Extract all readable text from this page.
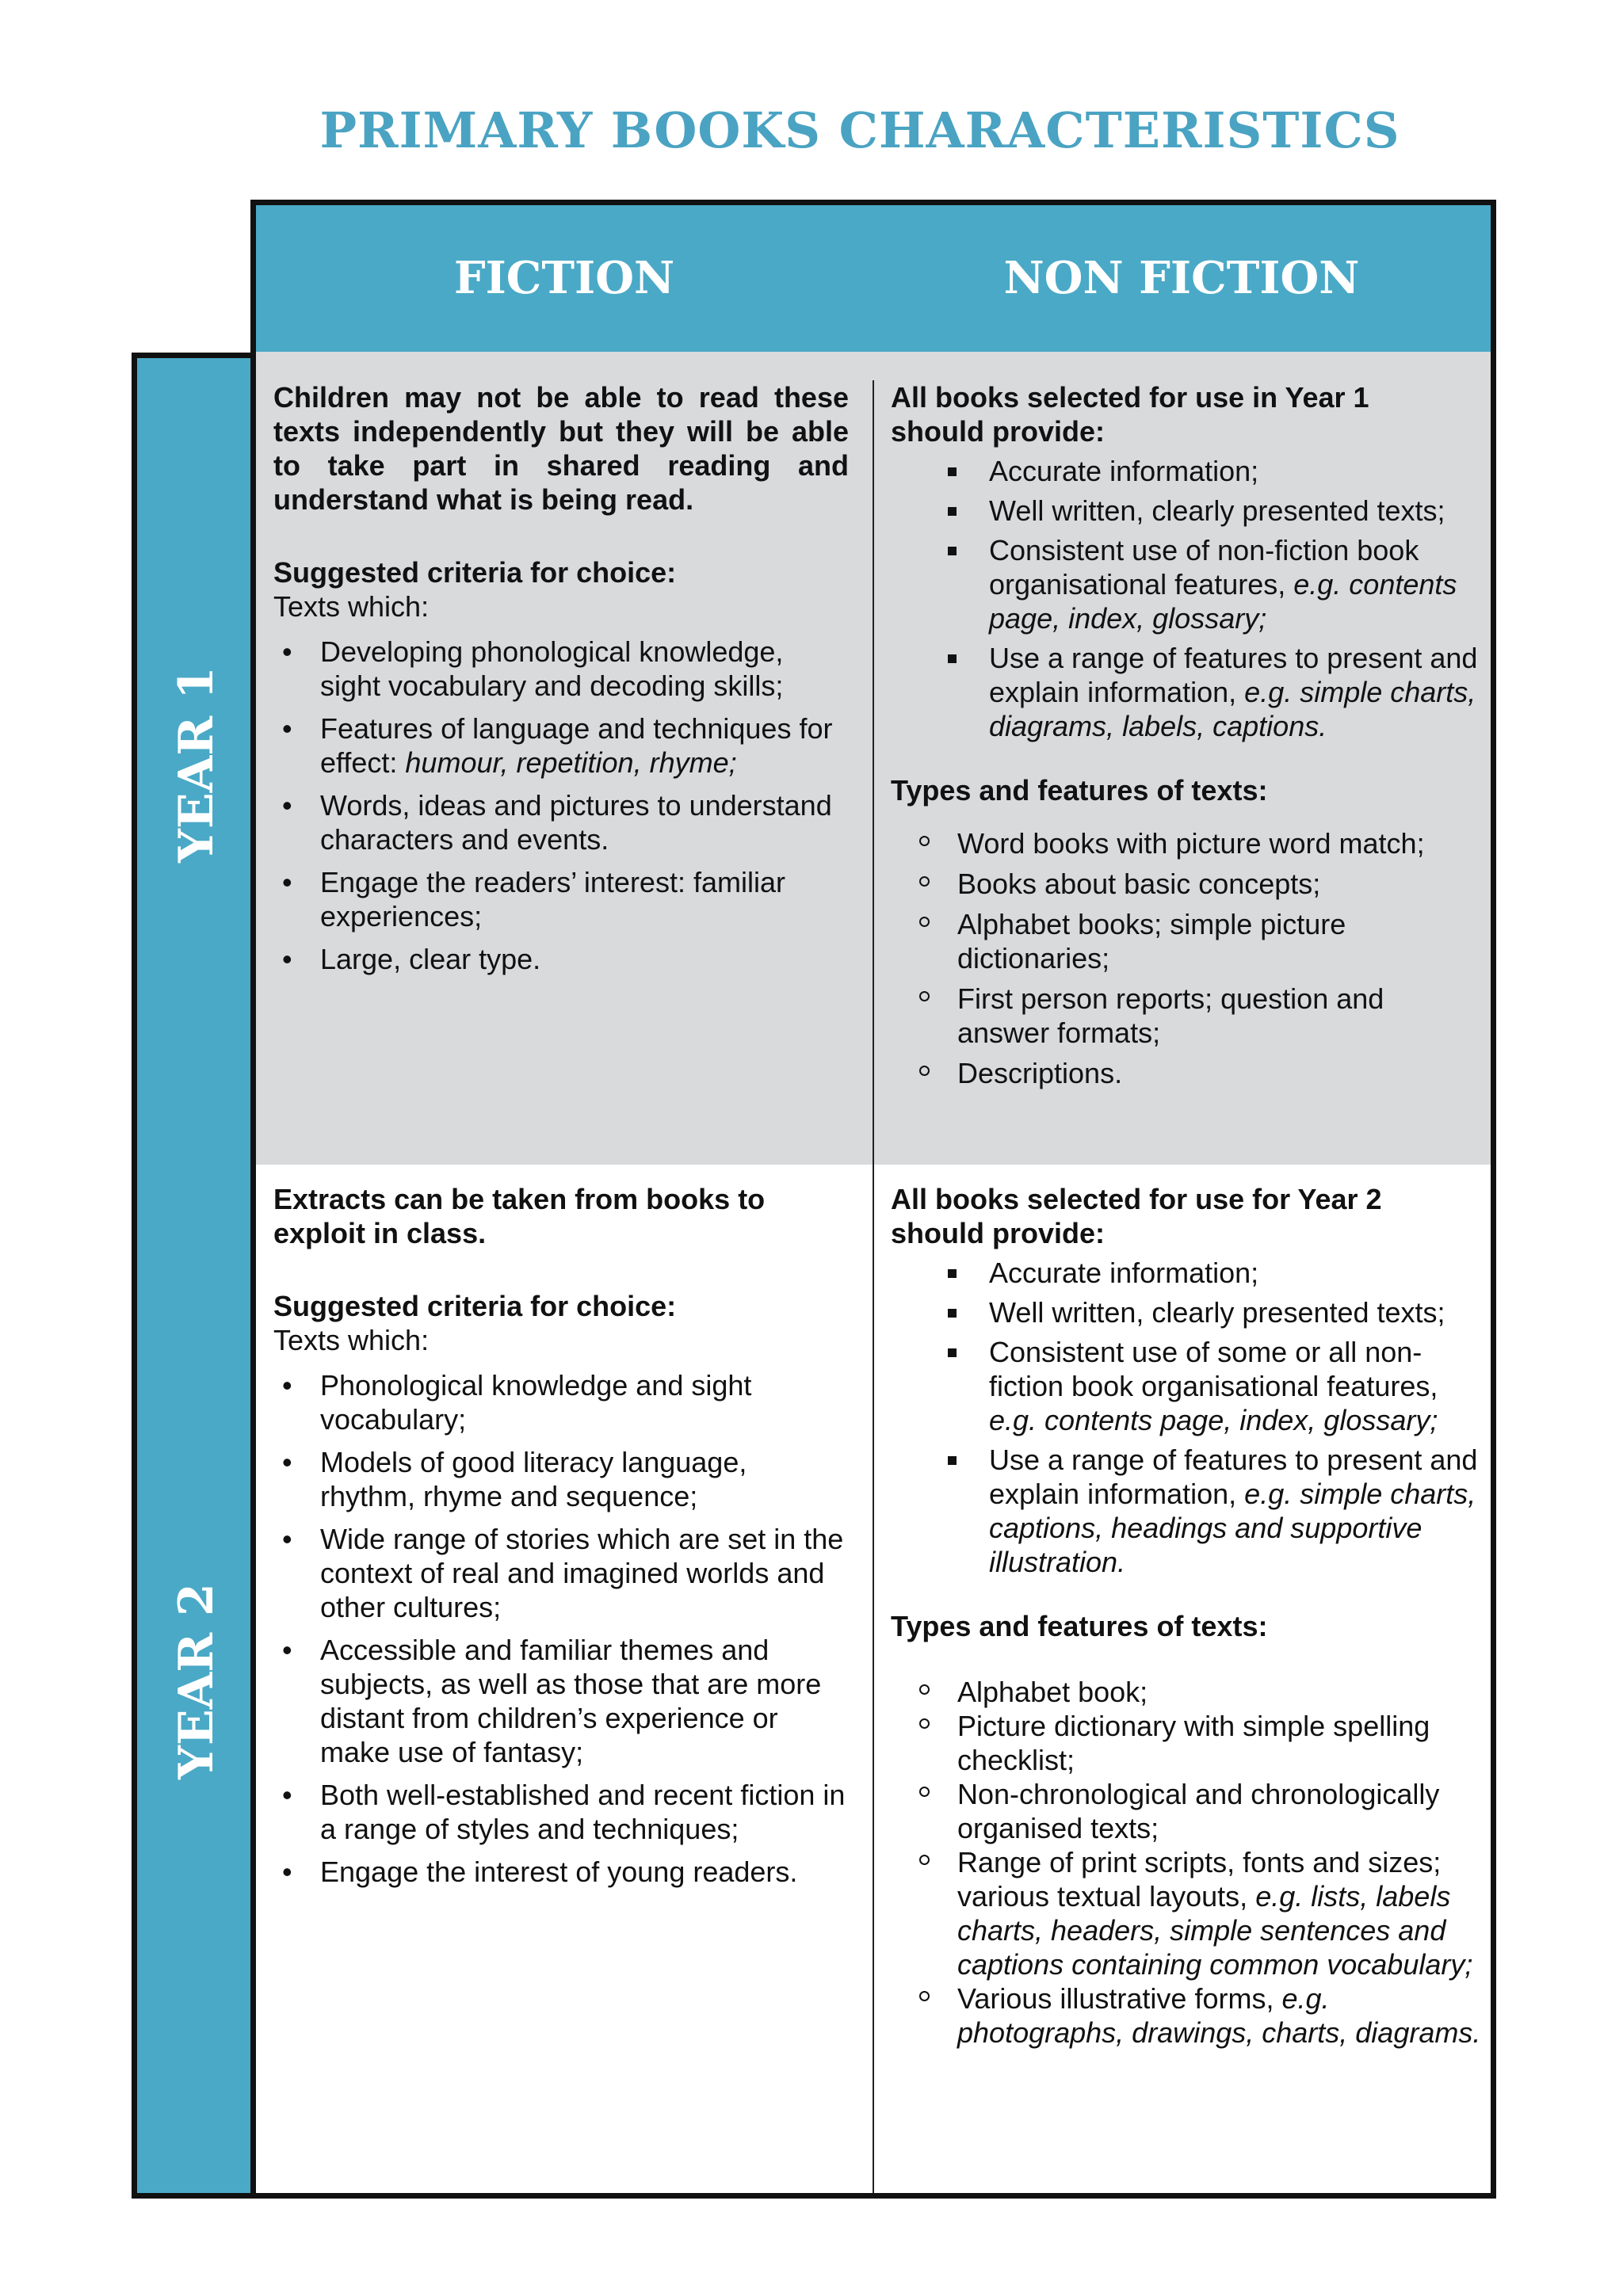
PRIMARY BOOKS CHARACTERISTICS
FICTION	NON FICTION
YEAR 1
YEAR 2
Children may not be able to read these texts independently but they will be able to take part in shared reading and
understand what is being read.

Suggested criteria for choice:

Texts which:

• Developing phonological knowledge, sight vocabulary and decoding skills;
• Features of language and techniques for effect: humour, repetition, rhyme;
• Words, ideas and pictures to understand characters and events.
• Engage the readers’ interest: familiar experiences;
• Large, clear type.

All books selected for use in Year 1 should provide:

Accurate information;
Well written, clearly presented texts;
Consistent use of non-fiction book organisational features, e.g. contents page, index, glossary;
Use a range of features to present and explain information, e.g. simple charts, diagrams, labels, captions.

Types and features of texts:

Word books with picture word match;
Books about basic concepts;
Alphabet books; simple picture dictionaries;
First person reports; question and answer formats;
Descriptions.

Extracts can be taken from books to exploit in class.

Suggested criteria for choice:

Texts which:

• Phonological knowledge and sight vocabulary;
• Models of good literacy language, rhythm, rhyme and sequence;
• Wide range of stories which are set in the context of real and imagined worlds and other cultures;
• Accessible and familiar themes and subjects, as well as those that are more distant from children’s experience or make use of fantasy;
• Both well-established and recent fiction in a range of styles and techniques;
• Engage the interest of young readers.

All books selected for use for Year 2 should provide:

Accurate information;
Well written, clearly presented texts;
Consistent use of some or all non-fiction book organisational features, e.g. contents page, index, glossary;
Use a range of features to present and explain information, e.g. simple charts, captions, headings and supportive illustration.

Types and features of texts:

Alphabet book;
Picture dictionary with simple spelling checklist;
Non-chronological and chronologically organised texts;
Range of print scripts, fonts and sizes; various textual layouts, e.g. lists, labels
charts, headers, simple sentences and captions containing common vocabulary;
Various illustrative forms, e.g. photographs, drawings, charts, diagrams.
